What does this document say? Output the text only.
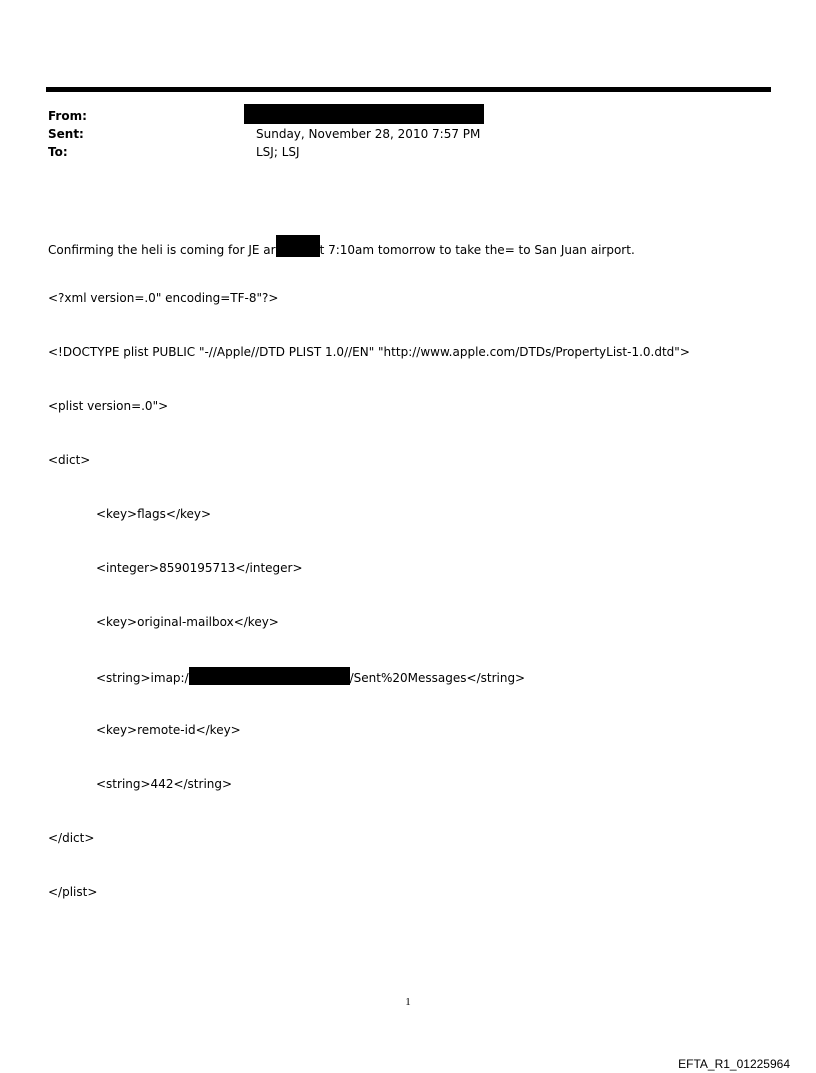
From:
Sent:	Sunday, November 28, 2010 7:57 PM
To:	LSJ; LSJ

Confirming the heli is coming for JE ar	t 7:10am tomorrow to take the= to San Juan airport.

<?xml version=.0" encoding=TF-8"?>

<!DOCTYPE plist PUBLIC "-//Apple//DTD PLIST 1.0//EN" "http://www.apple.com/DTDs/PropertyList-1.0.dtd">

<plist version=.0">

<dict>

<key>flags</key>

<integer>8590195713</integer>

<key>original-mailbox</key>

<string>imap:/	/Sent%20Messages</string>

<key>remote-id</key>

<string>442</string>

</dict>

</plist>

1
EFTA_R1_01225964
